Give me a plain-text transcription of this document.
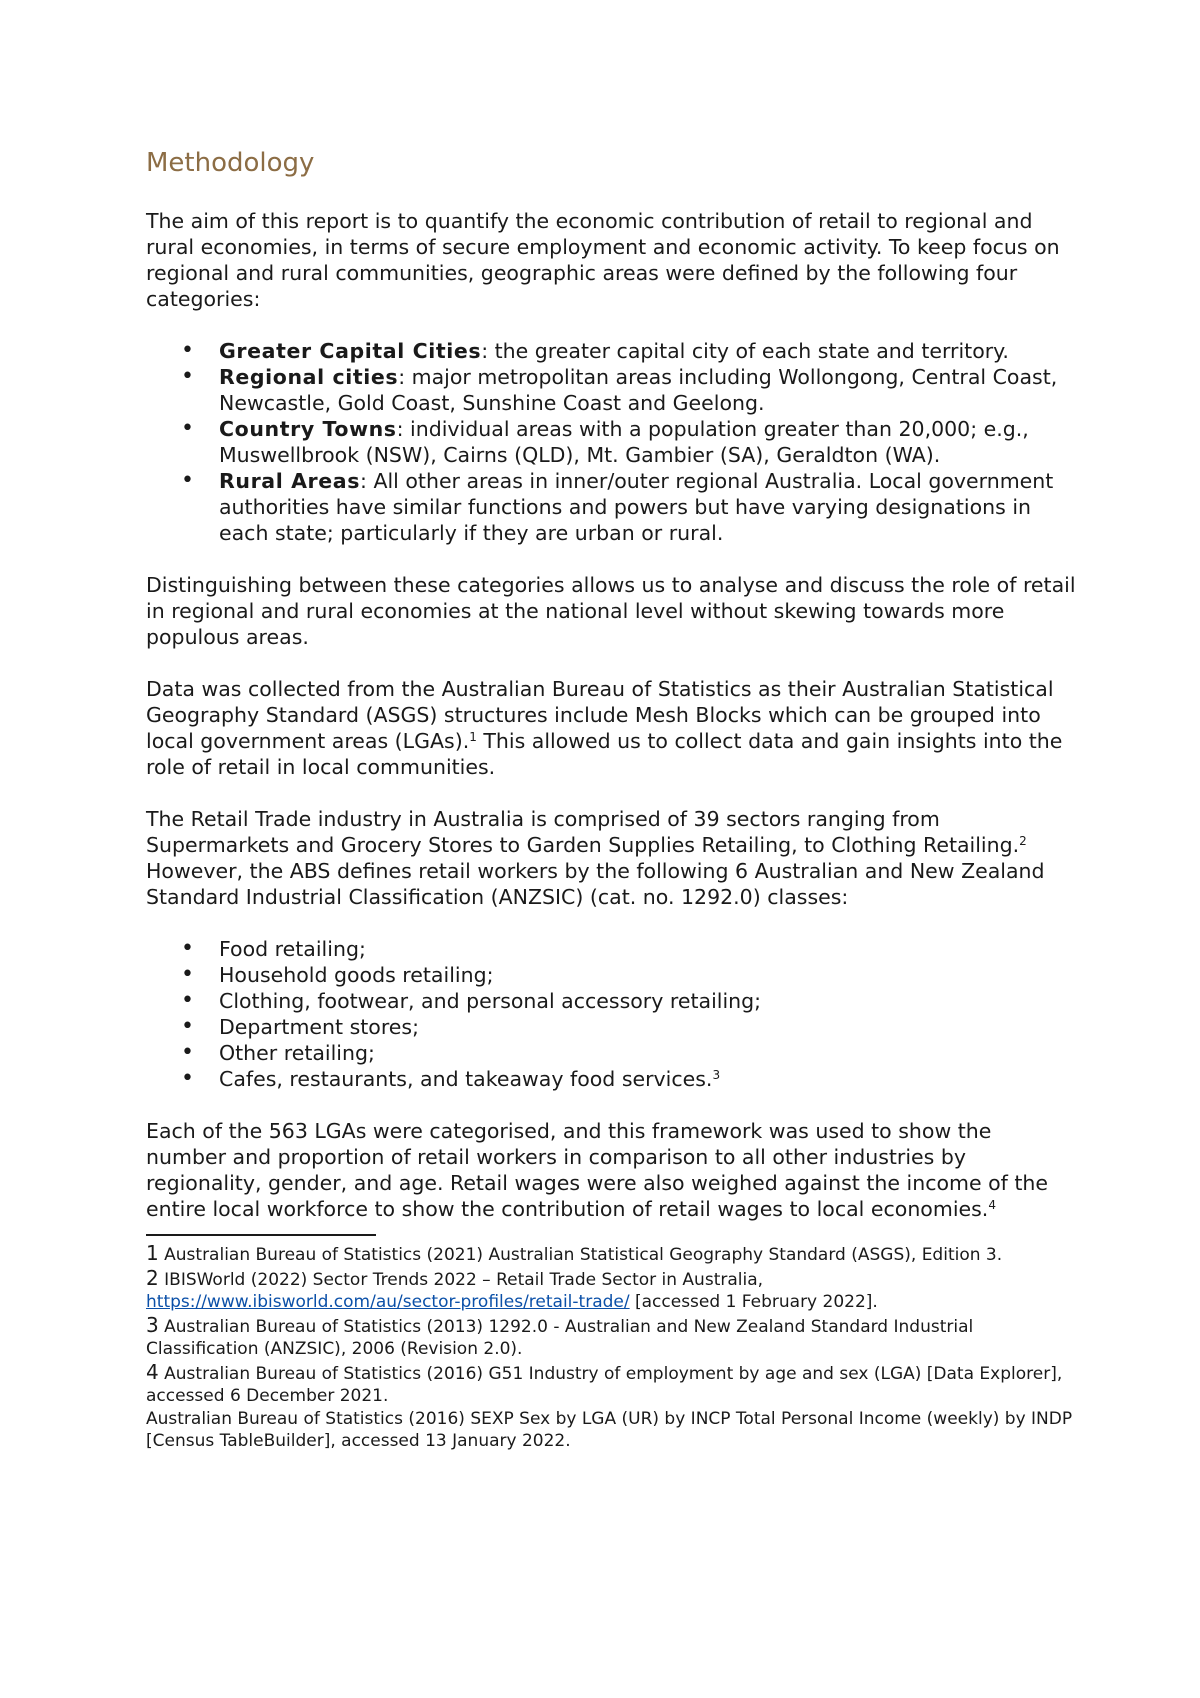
Methodology

The aim of this report is to quantify the economic contribution of retail to regional and rural economies, in terms of secure employment and economic activity. To keep focus on regional and rural communities, geographic areas were defined by the following four categories:

• Greater Capital Cities: the greater capital city of each state and territory.
• Regional cities: major metropolitan areas including Wollongong, Central Coast, Newcastle, Gold Coast, Sunshine Coast and Geelong.
• Country Towns: individual areas with a population greater than 20,000; e.g., Muswellbrook (NSW), Cairns (QLD), Mt. Gambier (SA), Geraldton (WA).
• Rural Areas: All other areas in inner/outer regional Australia. Local government authorities have similar functions and powers but have varying designations in each state; particularly if they are urban or rural.

Distinguishing between these categories allows us to analyse and discuss the role of retail in regional and rural economies at the national level without skewing towards more populous areas.

Data was collected from the Australian Bureau of Statistics as their Australian Statistical Geography Standard (ASGS) structures include Mesh Blocks which can be grouped into local government areas (LGAs).$^1$ This allowed us to collect data and gain insights into the role of retail in local communities.

The Retail Trade industry in Australia is comprised of 39 sectors ranging from Supermarkets and Grocery Stores to Garden Supplies Retailing, to Clothing Retailing.$^2$ However, the ABS defines retail workers by the following 6 Australian and New Zealand Standard Industrial Classification (ANZSIC) (cat. no. 1292.0) classes:

• Food retailing;
• Household goods retailing;
• Clothing, footwear, and personal accessory retailing;
• Department stores;
• Other retailing;
• Cafes, restaurants, and takeaway food services.$^3$

Each of the 563 LGAs were categorised, and this framework was used to show the number and proportion of retail workers in comparison to all other industries by regionality, gender, and age. Retail wages were also weighed against the income of the entire local workforce to show the contribution of retail wages to local economies.$^4$

1 Australian Bureau of Statistics (2021) Australian Statistical Geography Standard (ASGS), Edition 3.

2 IBISWorld (2022) Sector Trends 2022 – Retail Trade Sector in Australia,
https://www.ibisworld.com/au/sector-profiles/retail-trade/ [accessed 1 February 2022].

3 Australian Bureau of Statistics (2013) 1292.0 - Australian and New Zealand Standard Industrial Classification (ANZSIC), 2006 (Revision 2.0).

4 Australian Bureau of Statistics (2016) G51 Industry of employment by age and sex (LGA) [Data Explorer], accessed 6 December 2021.

Australian Bureau of Statistics (2016) SEXP Sex by LGA (UR) by INCP Total Personal Income (weekly) by INDP [Census TableBuilder], accessed 13 January 2022.
